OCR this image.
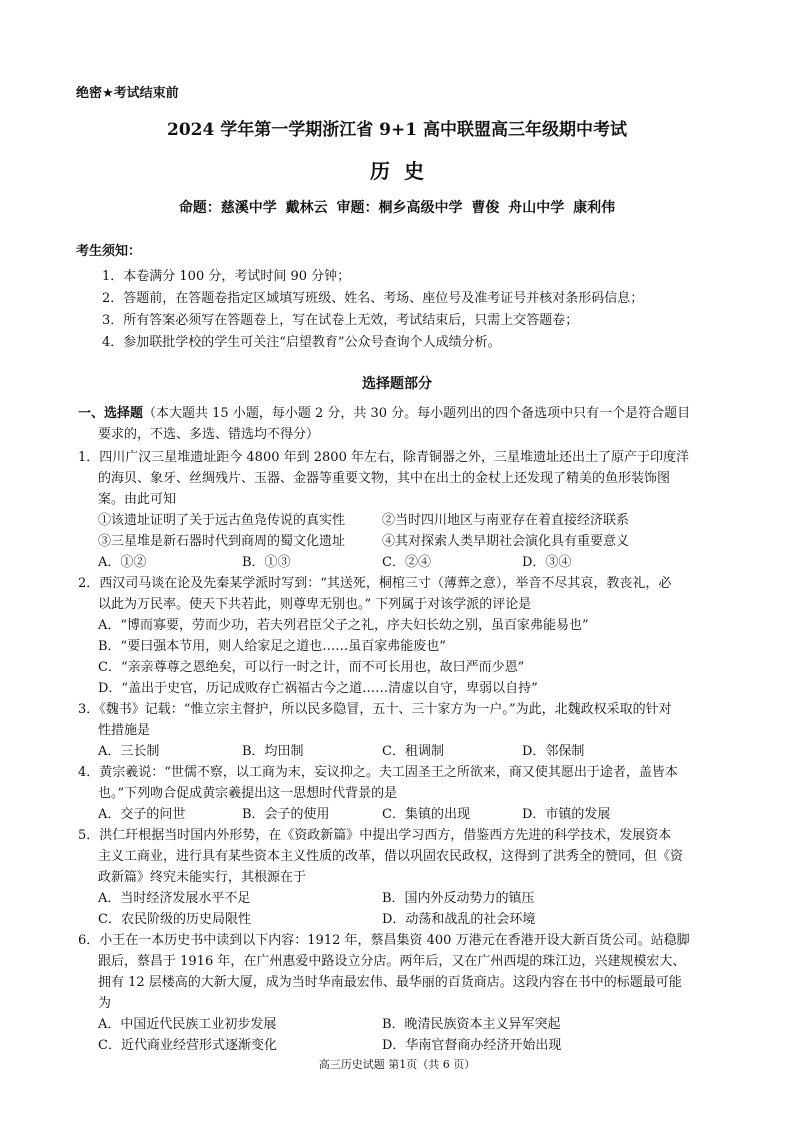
绝密★考试结束前
2024 学年第一学期浙江省 9+1 高中联盟高三年级期中考试
历史
命题：慈溪中学 戴林云 审题：桐乡高级中学 曹俊 舟山中学 康利伟
考生须知：
1．本卷满分 100 分，考试时间 90 分钟；
2．答题前，在答题卷指定区域填写班级、姓名、考场、座位号及准考证号并核对条形码信息；
3．所有答案必须写在答题卷上，写在试卷上无效，考试结束后，只需上交答题卷；
4．参加联批学校的学生可关注“启望教育”公众号查询个人成绩分析。
选择题部分
一、选择题（本大题共 15 小题，每小题 2 分，共 30 分。每小题列出的四个备选项中只有一个是符合题目
要求的，不选、多选、错选均不得分）
1．四川广汉三星堆遗址距今 4800 年到 2800 年左右，除青铜器之外，三星堆遗址还出土了原产于印度洋
的海贝、象牙、丝绸残片、玉器、金器等重要文物，其中在出土的金杖上还发现了精美的鱼形装饰图
案。由此可知
①该遗址证明了关于远古鱼凫传说的真实性	②当时四川地区与南亚存在着直接经济联系
③三星堆是新石器时代到商周的蜀文化遗址	④其对探索人类早期社会演化具有重要意义
A．①②	B．①③	C．②④	D．③④
2．西汉司马谈在论及先秦某学派时写到：“其送死，桐棺三寸（薄葬之意），举音不尽其哀，教丧礼，必
以此为万民率。使天下共若此，则尊卑无别也。” 下列属于对该学派的评论是
A．“博而寡要，劳而少功，若夫列君臣父子之礼，序夫妇长幼之别，虽百家弗能易也”
B．“要曰强本节用，则人给家足之道也……虽百家弗能废也”
C．“亲亲尊尊之恩绝矣，可以行一时之计，而不可长用也，故曰严而少恩”
D．“盖出于史官，历记成败存亡祸福古今之道……清虚以自守，卑弱以自持”
3．《魏书》记载：“惟立宗主督护，所以民多隐冒，五十、三十家方为一户。”为此，北魏政权采取的针对
性措施是
A．三长制	B．均田制	C．租调制	D．邻保制
4．黄宗羲说：“世儒不察，以工商为末，妄议抑之。夫工固圣王之所欲来，商又使其愿出于途者，盖皆本
也。”下列吻合促成黄宗羲提出这一思想时代背景的是
A．交子的问世	B．会子的使用	C．集镇的出现	D．市镇的发展
5．洪仁玕根据当时国内外形势，在《资政新篇》中提出学习西方，借鉴西方先进的科学技术，发展资本
主义工商业，进行具有某些资本主义性质的改革，借以巩固农民政权，这得到了洪秀全的赞同，但《资
政新篇》终究未能实行，其根源在于
A．当时经济发展水平不足	B．国内外反动势力的镇压
C．农民阶级的历史局限性	D．动荡和战乱的社会环境
6．小王在一本历史书中读到以下内容：1912 年，蔡昌集资 400 万港元在香港开设大新百货公司。站稳脚
跟后，蔡昌于 1916 年，在广州惠爱中路设立分店。两年后，又在广州西堤的珠江边，兴建规模宏大、
拥有 12 层楼高的大新大厦，成为当时华南最宏伟、最华丽的百货商店。这段内容在书中的标题最可能
为
A．中国近代民族工业初步发展	B．晚清民族资本主义异军突起
C．近代商业经营形式逐渐变化	D．华南官督商办经济开始出现
高三历史试题 第1页（共 6 页）
